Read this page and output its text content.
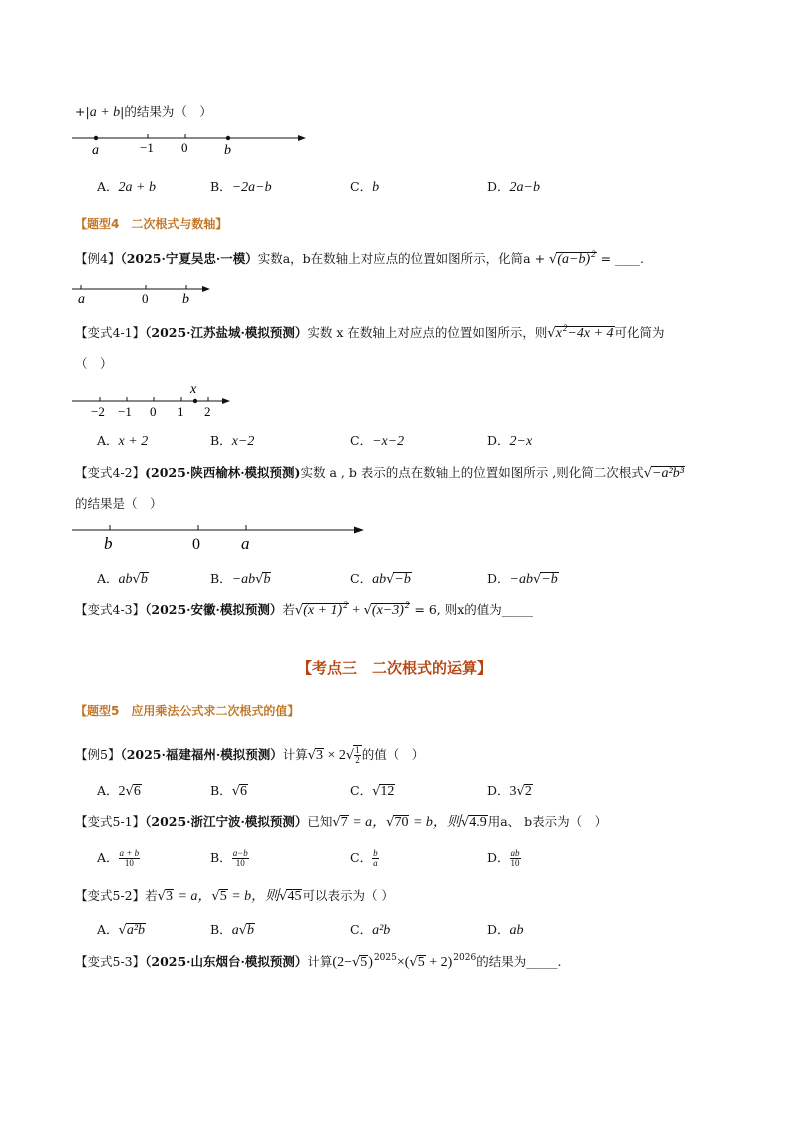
+|a + b|的结果为（　）
a	−1 0	b
A．2a + b	B．−2a−b	C．b	D．2a−b
【题型4　二次根式与数轴】
【例4】（2025·宁夏吴忠·一模）实数a，b在数轴上对应点的位置如图所示，化简$a + √(a-b)^2$ = ____.
a	0 b
【变式4-1】（2025·江苏盐城·模拟预测）实数 x 在数轴上对应点的位置如图所示，则$√x^2-4x + 4$可化简为
（　）
x
−2 −1 0 1 2
A．x + 2	B．x−2	C．−x−2	D．2−x
【变式4-2】(2025·陕西榆林·模拟预测)实数 a , b 表示的点在数轴上的位置如图所示 ,则化简二次根式√−a²b³
的结果是（　）
b	0 a
A．ab√b	B．−ab√b	C．ab√−b	D．−ab√−b
【变式4-3】（2025·安徽·模拟预测）若$√(x + 1)^2 + √(x-3)^2 = 6$, 则x的值为_____
【考点三　二次根式的运算】
【题型5　应用乘法公式求二次根式的值】
【例5】（2025·福建福州·模拟预测）计算$√3 \times 2√ \frac{1}{2}$ 的值（　）
A．2√6	B．√6	C．√12	D．3√2
【变式5-1】（2025·浙江宁波·模拟预测）已知√7 = a，√70 = b，则√4.9用a、 b表示为（　）
A． $\frac{a + b}{10}$	B． $\frac{a-b}{10}$	C． $\frac{b}{a}$	D． $\frac{ab}{10}$
【变式5-2】若√3 = a，√5 = b，则√45可以表示为（ ）
A．√a²b	B．a√b	C．a²b	D．ab
【变式5-3】（2025·山东烟台·模拟预测）计算$(2-√5)^{2025}\times(√5 + 2)^{2026}$的结果为_____.
